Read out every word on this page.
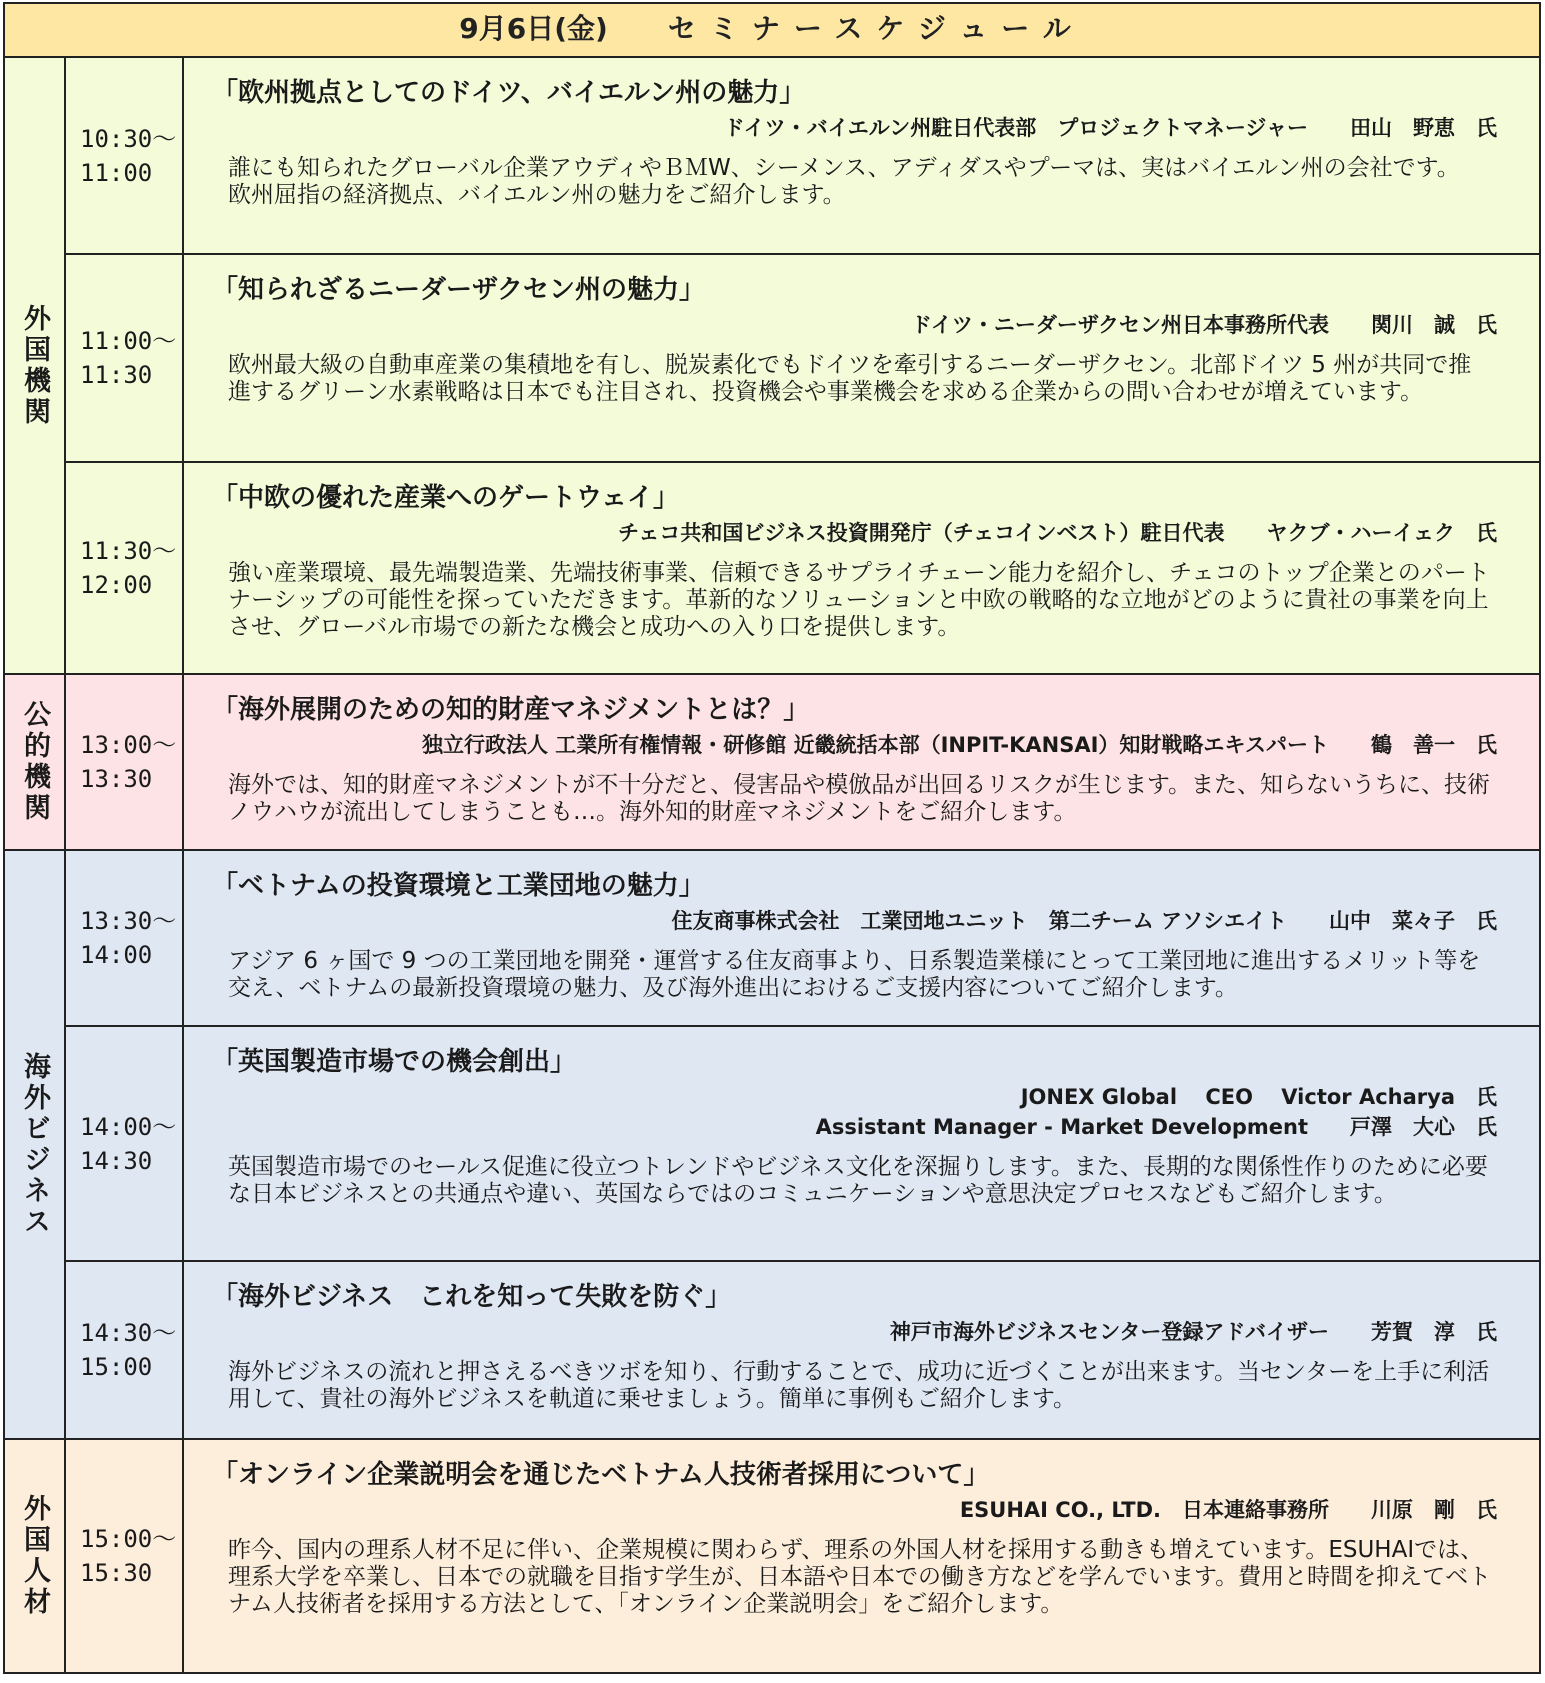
9月6日(金) セミナースケジュール
外国機関
10:30～
11:00
「欧州拠点としてのドイツ、バイエルン州の魅力」
ドイツ・バイエルン州駐日代表部　プロジェクトマネージャー　　田山　野恵　氏

誰にも知られたグローバル企業アウディやＢＭW、シーメンス、アディダスやプーマは、実はバイエルン州の会社です。

欧州屈指の経済拠点、バイエルン州の魅力をご紹介します。

11:00～
11:30
「知られざるニーダーザクセン州の魅力」
ドイツ・ニーダーザクセン州日本事務所代表　　関川　誠　氏

欧州最大級の自動車産業の集積地を有し、脱炭素化でもドイツを牽引するニーダーザクセン。北部ドイツ 5 州が共同で推進するグリーン水素戦略は日本でも注目され、投資機会や事業機会を求める企業からの問い合わせが増えています。

11:30～
12:00
「中欧の優れた産業へのゲートウェイ」
チェコ共和国ビジネス投資開発庁（チェコインベスト）駐日代表　　ヤクブ・ハーイェク　氏

強い産業環境、最先端製造業、先端技術事業、信頼できるサプライチェーン能力を紹介し、チェコのトップ企業とのパートナーシップの可能性を探っていただきます。革新的なソリューションと中欧の戦略的な立地がどのように貴社の事業を向上させ、グローバル市場での新たな機会と成功への入り口を提供します。

公的機関 13:00～
13:30
「海外展開のための知的財産マネジメントとは？」
独立行政法人 工業所有権情報・研修館 近畿統括本部（INPIT-KANSAI）知財戦略エキスパート　　鶴　善一　氏

海外では、知的財産マネジメントが不十分だと、侵害品や模倣品が出回るリスクが生じます。また、知らないうちに、技術ノウハウが流出してしまうことも…。海外知的財産マネジメントをご紹介します。

海外ビジネス
13:30～
14:00
「ベトナムの投資環境と工業団地の魅力」
住友商事株式会社　工業団地ユニット　第二チーム アソシエイト　　山中　菜々子　氏

アジア 6 ヶ国で 9 つの工業団地を開発・運営する住友商事より、日系製造業様にとって工業団地に進出するメリット等を交え、ベトナムの最新投資環境の魅力、及び海外進出におけるご支援内容についてご紹介します。

14:00～
14:30
「英国製造市場での機会創出」
JONEX Global　 CEO　 Victor Acharya　氏
Assistant Manager - Market Development　　戸澤　大心　氏

英国製造市場でのセールス促進に役立つトレンドやビジネス文化を深掘りします。また、長期的な関係性作りのために必要な日本ビジネスとの共通点や違い、英国ならではのコミュニケーションや意思決定プロセスなどもご紹介します。

14:30～
15:00
「海外ビジネス　これを知って失敗を防ぐ」
神戸市海外ビジネスセンター登録アドバイザー　　芳賀　淳　氏

海外ビジネスの流れと押さえるべきツボを知り、行動することで、成功に近づくことが出来ます。当センターを上手に利活用して、貴社の海外ビジネスを軌道に乗せましょう。簡単に事例もご紹介します。

外国人材 15:00～
15:30
「オンライン企業説明会を通じたベトナム人技術者採用について」
ESUHAI CO., LTD.　日本連絡事務所　　川原　剛　氏

昨今、国内の理系人材不足に伴い、企業規模に関わらず、理系の外国人材を採用する動きも増えています。ESUHAIでは、理系大学を卒業し、日本での就職を目指す学生が、日本語や日本での働き方などを学んでいます。費用と時間を抑えてベトナム人技術者を採用する方法として、「オンライン企業説明会」をご紹介します。
